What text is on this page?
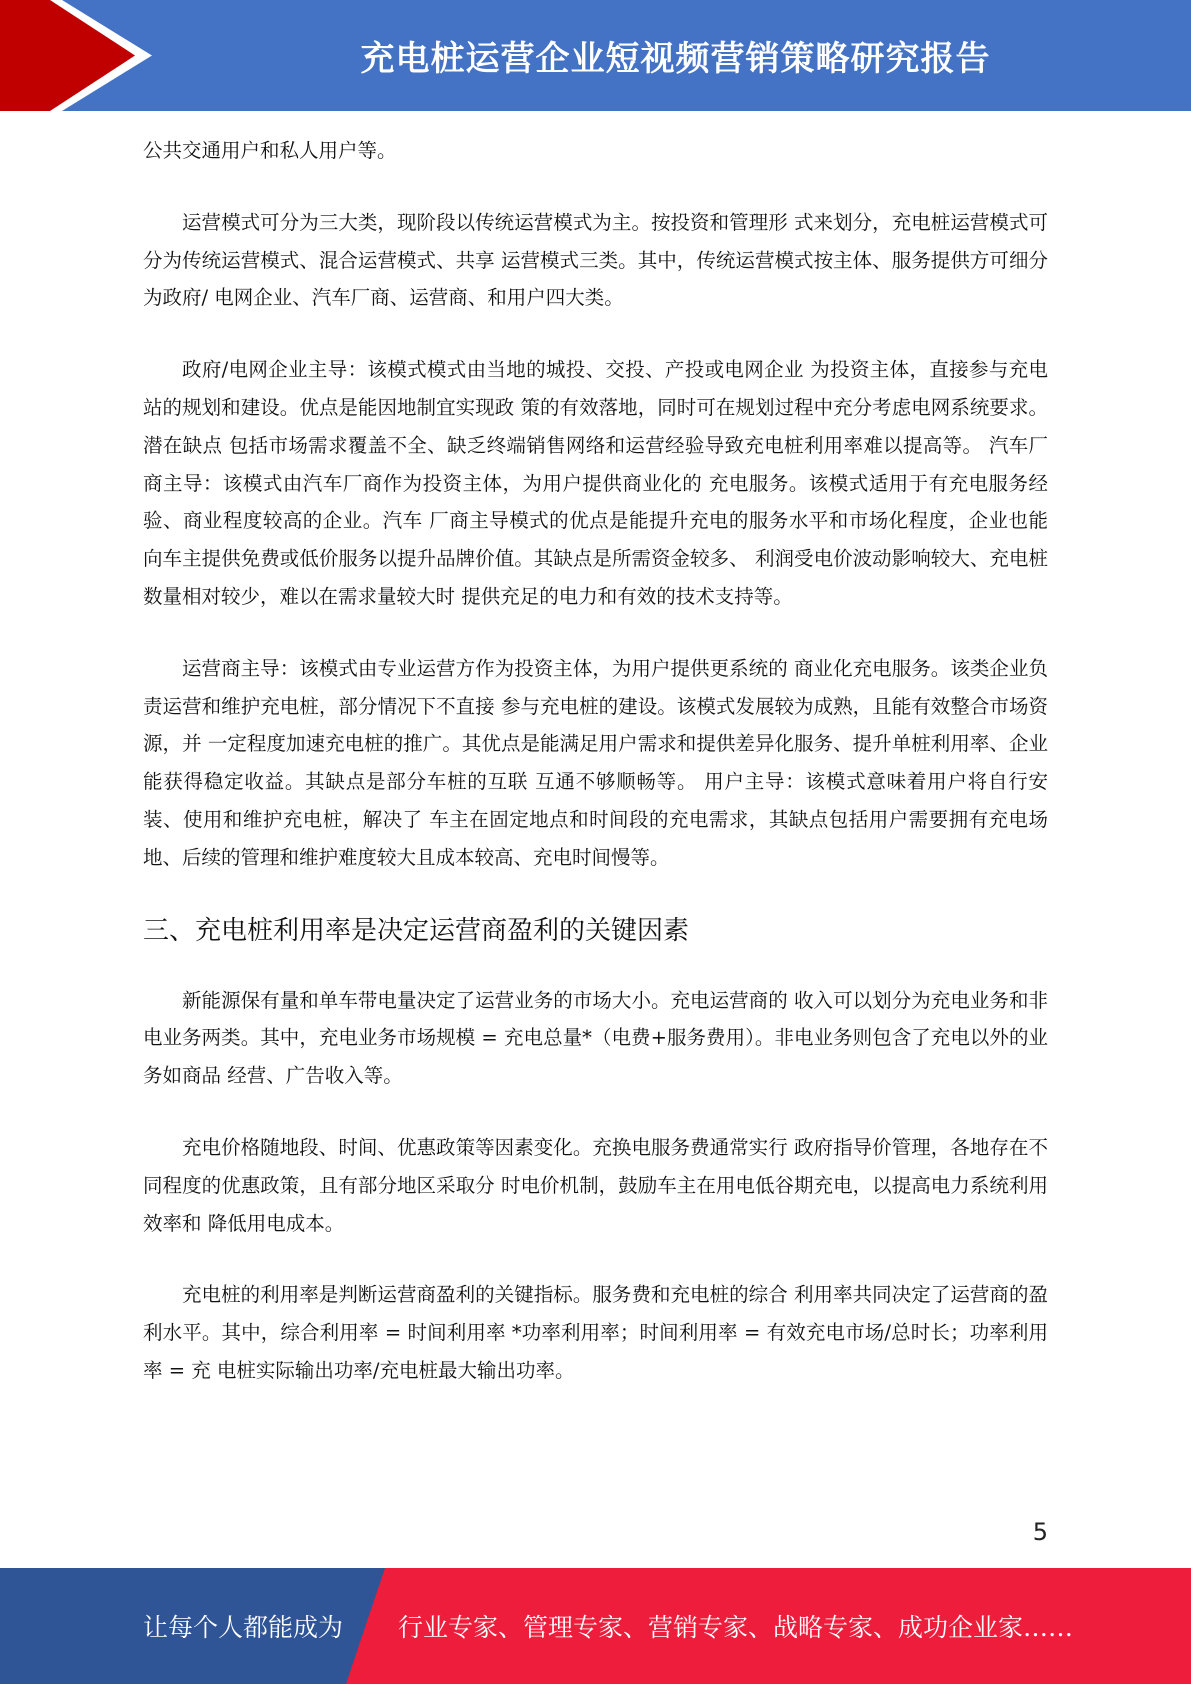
充电桩运营企业短视频营销策略研究报告

公共交通用户和私人用户等。

运营模式可分为三大类，现阶段以传统运营模式为主。按投资和管理形 式来划分，充电桩运营模式可分为传统运营模式、混合运营模式、共享 运营模式三类。其中，传统运营模式按主体、服务提供方可细分为政府/ 电网企业、汽车厂商、运营商、和用户四大类。

政府/电网企业主导：该模式模式由当地的城投、交投、产投或电网企业 为投资主体，直接参与充电站的规划和建设。优点是能因地制宜实现政 策的有效落地，同时可在规划过程中充分考虑电网系统要求。潜在缺点 包括市场需求覆盖不全、缺乏终端销售网络和运营经验导致充电桩利用率难以提高等。 汽车厂商主导：该模式由汽车厂商作为投资主体，为用户提供商业化的 充电服务。该模式适用于有充电服务经验、商业程度较高的企业。汽车 厂商主导模式的优点是能提升充电的服务水平和市场化程度，企业也能 向车主提供免费或低价服务以提升品牌价值。其缺点是所需资金较多、 利润受电价波动影响较大、充电桩数量相对较少，难以在需求量较大时 提供充足的电力和有效的技术支持等。

运营商主导：该模式由专业运营方作为投资主体，为用户提供更系统的 商业化充电服务。该类企业负责运营和维护充电桩，部分情况下不直接 参与充电桩的建设。该模式发展较为成熟，且能有效整合市场资源，并 一定程度加速充电桩的推广。其优点是能满足用户需求和提供差异化服务、提升单桩利用率、企业能获得稳定收益。其缺点是部分车桩的互联 互通不够顺畅等。 用户主导：该模式意味着用户将自行安装、使用和维护充电桩，解决了 车主在固定地点和时间段的充电需求，其缺点包括用户需要拥有充电场 地、后续的管理和维护难度较大且成本较高、充电时间慢等。

三、充电桩利用率是决定运营商盈利的关键因素

新能源保有量和单车带电量决定了运营业务的市场大小。充电运营商的 收入可以划分为充电业务和非电业务两类。其中，充电业务市场规模 = 充电总量*（电费+服务费用）。非电业务则包含了充电以外的业务如商品 经营、广告收入等。

充电价格随地段、时间、优惠政策等因素变化。充换电服务费通常实行 政府指导价管理，各地存在不同程度的优惠政策，且有部分地区采取分 时电价机制，鼓励车主在用电低谷期充电，以提高电力系统利用效率和 降低用电成本。

充电桩的利用率是判断运营商盈利的关键指标。服务费和充电桩的综合 利用率共同决定了运营商的盈利水平。其中，综合利用率 = 时间利用率 *功率利用率；时间利用率 = 有效充电市场/总时长；功率利用率 = 充 电桩实际输出功率/充电桩最大输出功率。

5
让每个人都能成为 行业专家、管理专家、营销专家、战略专家、成功企业家……
